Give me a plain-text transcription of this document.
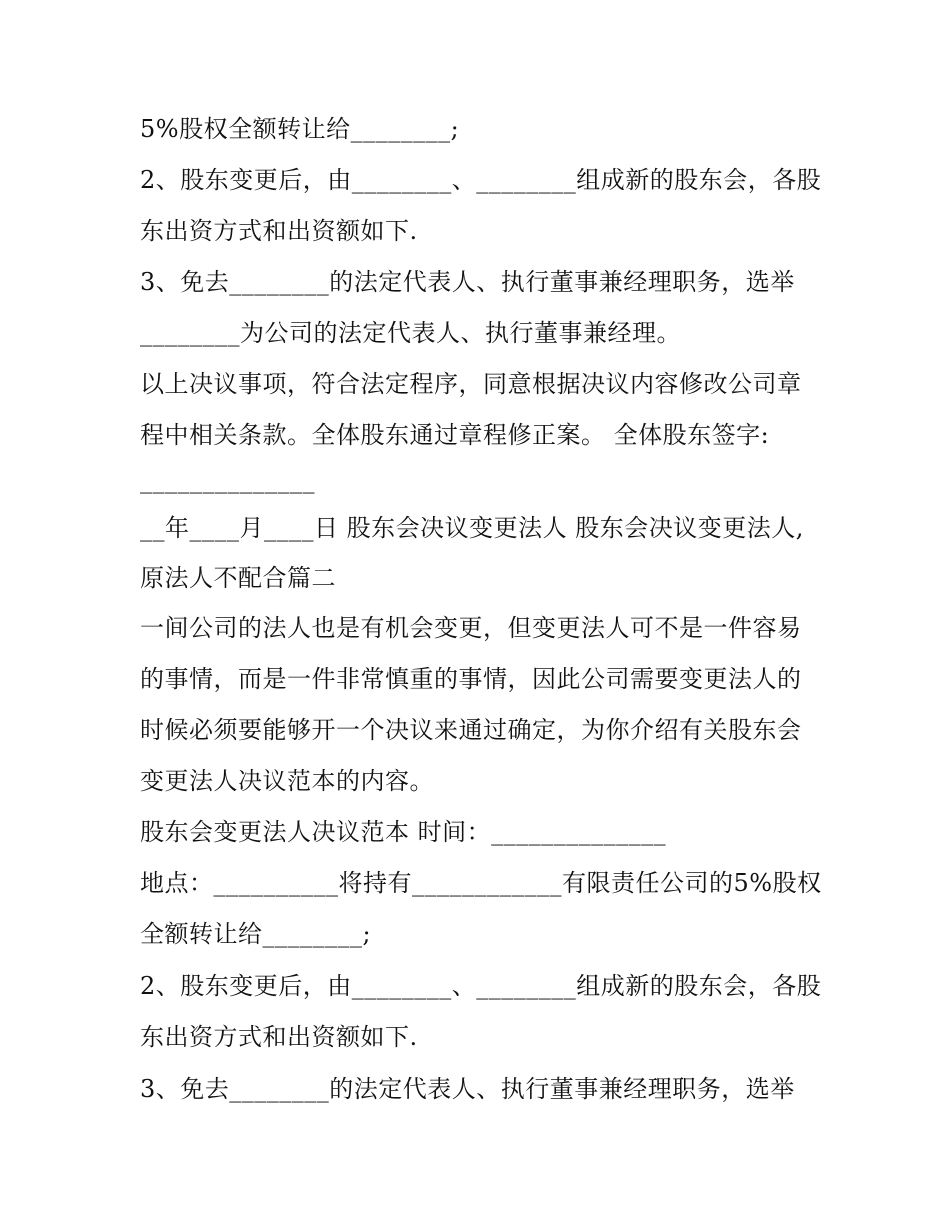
5%股权全额转让给________;
2、股东变更后，由________、________组成新的股东会，各股
东出资方式和出资额如下.
3、免去________的法定代表人、执行董事兼经理职务，选举
________为公司的法定代表人、执行董事兼经理。
以上决议事项，符合法定程序，同意根据决议内容修改公司章
程中相关条款。全体股东通过章程修正案。 全体股东签字:
______________
__年____月____日 股东会决议变更法人 股东会决议变更法人,
原法人不配合篇二
一间公司的法人也是有机会变更，但变更法人可不是一件容易
的事情，而是一件非常慎重的事情，因此公司需要变更法人的
时候必须要能够开一个决议来通过确定，为你介绍有关股东会
变更法人决议范本的内容。
股东会变更法人决议范本 时间：______________
地点：__________将持有____________有限责任公司的5%股权
全额转让给________;
2、股东变更后，由________、________组成新的股东会，各股
东出资方式和出资额如下.
3、免去________的法定代表人、执行董事兼经理职务，选举
